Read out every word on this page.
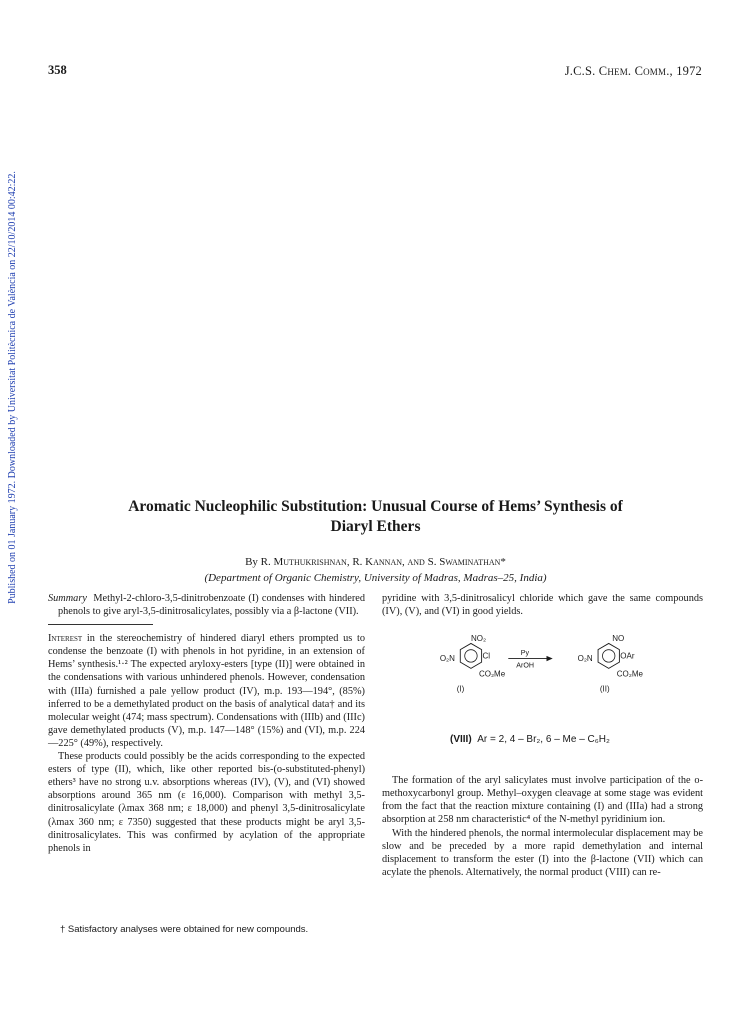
358	J.C.S. Chem. Comm., 1972
Published on 01 January 1972. Downloaded by Universitat Politècnica de València on 22/10/2014 00:42:22.	Aromatic Nucleophilic Substitution: Unusual Course of Hems’ Synthesis of
Diaryl Ethers
By R. Muthukrishnan, R. Kannan, and S. Swaminathan*
(Department of Organic Chemistry, University of Madras, Madras–25, India)

Summary Methyl-2-chloro-3,5-dinitrobenzoate (I) condenses with hindered phenols to give aryl-3,5-dinitrosalicylates, possibly via a β-lactone (VII).

Interest in the stereochemistry of hindered diaryl ethers prompted us to condense the benzoate (I) with phenols in hot pyridine, in an extension of Hems’ synthesis.¹·² The expected aryloxy-esters [type (II)] were obtained in the condensations with various unhindered phenols. However, condensation with (IIIa) furnished a pale yellow product (IV), m.p. 193—194°, (85%) inferred to be a demethylated product on the basis of analytical data† and its molecular weight (474; mass spectrum). Condensations with (IIIb) and (IIIc) gave demethylated products (V), m.p. 147—148° (15%) and (VI), m.p. 224—225° (49%), respectively.

These products could possibly be the acids corresponding to the expected esters of type (II), which, like other reported bis-(o-substituted-phenyl) ethers³ have no strong u.v. absorptions whereas (IV), (V), and (VI) showed absorptions around 365 nm (ε 16,000). Comparison with methyl 3,5-dinitrosalicylate (λmax 368 nm; ε 18,000) and phenyl 3,5-dinitrosalicylate (λmax 360 nm; ε 7350) suggested that these products might be aryl 3,5-dinitrosalicylates. This was confirmed by acylation of the appropriate phenols in

pyridine with 3,5-dinitrosalicyl chloride which gave the same compounds (IV), (V), and (VI) in good yields.

The formation of the aryl salicylates must involve participation of the o-methoxycarbonyl group. Methyl–oxygen cleavage at some stage was evident from the fact that the reaction mixture containing (I) and (IIIa) had a strong absorption at 258 nm characteristic⁴ of the N-methyl pyridinium ion.

With the hindered phenols, the normal intermolecular displacement may be slow and be preceded by a more rapid demethylation and internal displacement to transform the ester (I) into the β-lactone (VII) which can acylate the phenols. Alternatively, the normal product (VIII) can re-

NO₂
O₂N	Cl
CO₂Me
(I)
Py
ArOH
NO
O₂N	OAr
CO₂Me
(II)
(VIII) Ar = 2, 4 – Br₂, 6 – Me – C₆H₂
† Satisfactory analyses were obtained for new compounds.
